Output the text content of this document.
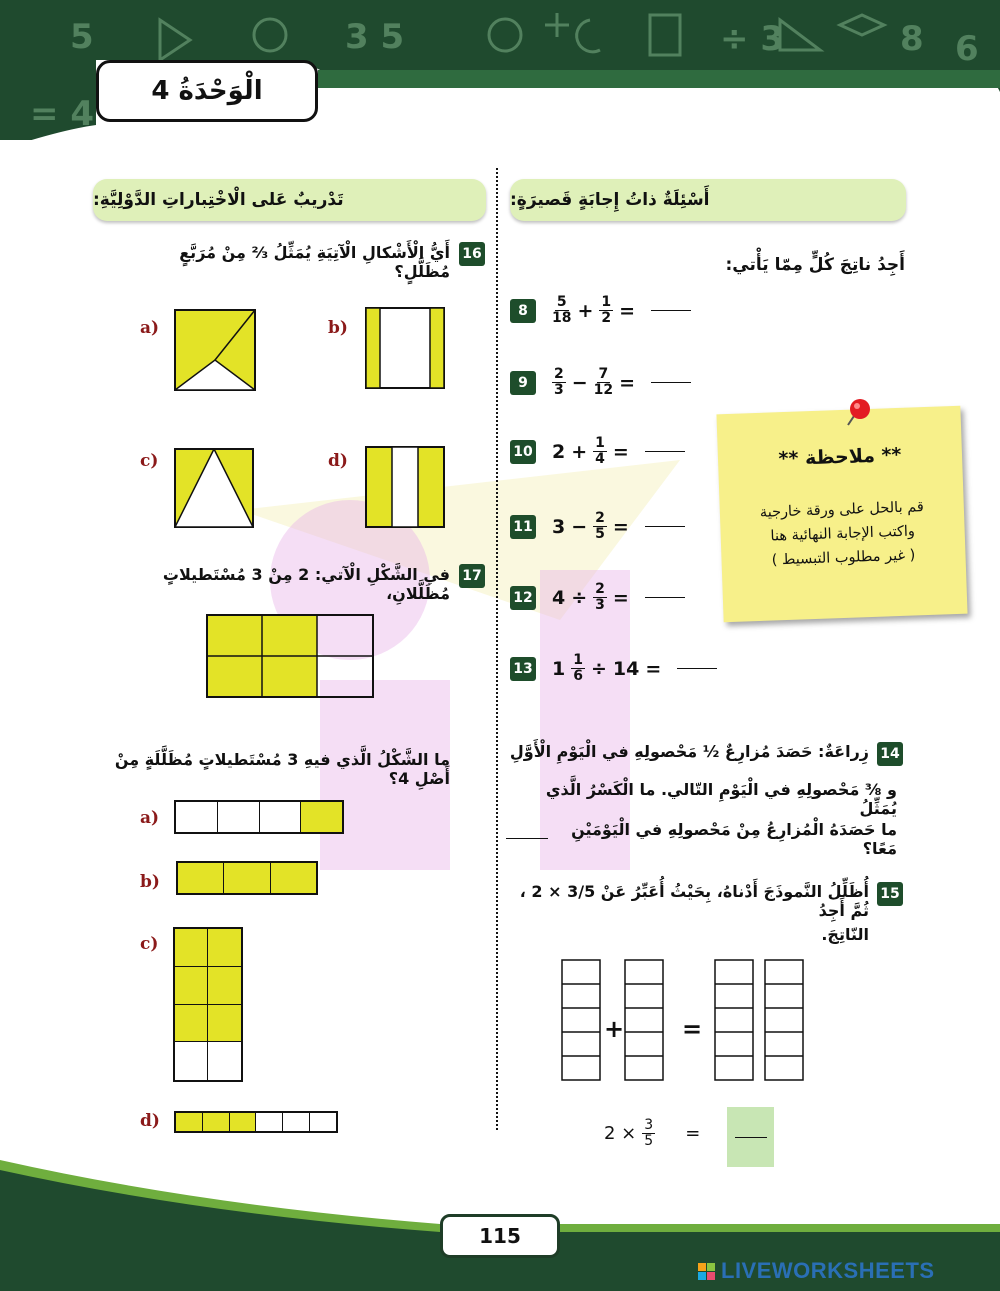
5	3 5	÷ 3	8 6
= 4
الْوَحْدَةُ 4
أَسْئِلَةٌ ذاتُ إِجابَةٍ قَصيرَةٍ:
تَدْريبٌ عَلى الْاخْتِباراتِ الدَّوْلِيَّةِ:
أَجِدُ ناتِجَ كُلٍّ مِمّا يَأْتي:
8	$\frac{5}{18} + \frac{1}{2}$ =
9	$\frac{2}{3} - \frac{7}{12}$ =
10 $2 + \frac{1}{4}$ =
11 $3 - \frac{2}{5}$ =
12 $4 \div \frac{2}{3}$ =
13 $1 \frac{1}{6} \div 14$ =
14
زِراعَةٌ: حَصَدَ مُزارِعٌ ½ مَحْصولِهِ في الْيَوْمِ الْأَوَّلِ
و ⅜ مَحْصولِهِ في الْيَوْمِ التّالي. ما الْكَسْرُ الَّذي يُمَثِّلُ
ما حَصَدَهُ الْمُزارِعُ مِنْ مَحْصولِهِ في الْيَوْمَيْنِ مَعًا؟
15
أُظَلِّلُ النَّموذَجَ أَدْناهُ، بِحَيْثُ أُعَبِّرُ عَنْ 3/5 × 2 ، ثُمَّ أَجِدُ
النّاتِجَ.
+ =
$2 \times \frac{3}{5}$ =
** ملاحظة **
قم بالحل على ورقة خارجية
واكتب الإجابة النهائية هنا
( غير مطلوب التبسيط )
16
أَيُّ الْأَشْكالِ الْآتِيَةِ يُمَثِّلُ ⅔ مِنْ مُرَبَّعٍ مُظَلَّلٍ؟
a)	b)
c)	d)
17
في الشَّكْلِ الْآتي: 2 مِنْ 3 مُسْتَطيلاتٍ مُظَلَّلانِ،
ما الشَّكْلُ الَّذي فيهِ 3 مُسْتَطيلاتٍ مُظَلَّلَةٍ مِنْ أَصْلِ 4؟
a)
b)
c)
d)
115
LIVEWORKSHEETS
